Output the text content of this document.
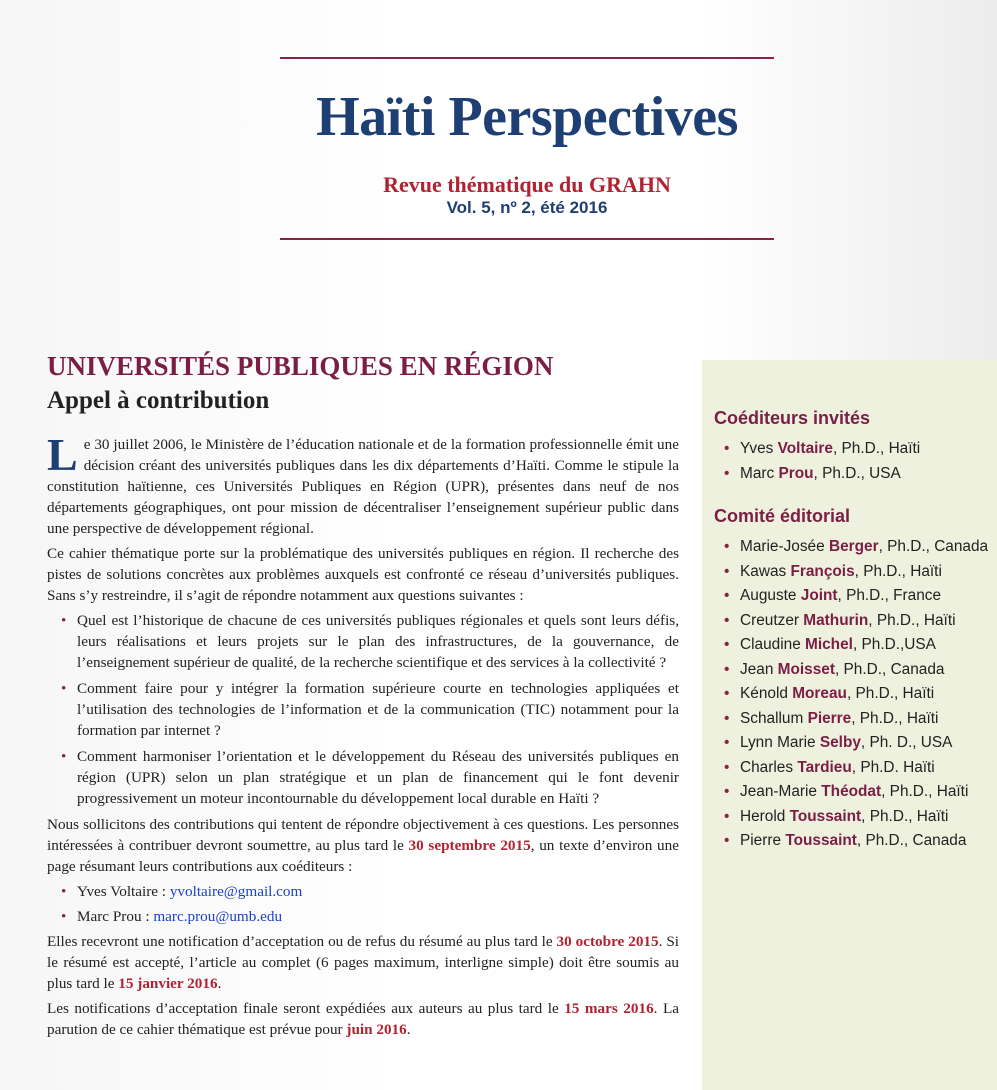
Haïti Perspectives
Revue thématique du GRAHN
Vol. 5, nº 2, été 2016
UNIVERSITÉS PUBLIQUES EN RÉGION
Appel à contribution

Le 30 juillet 2006, le Ministère de l’éducation nationale et de la formation professionnelle émit une décision créant des universités publiques dans les dix départements d’Haïti. Comme le stipule la constitution haïtienne, ces Universités Publiques en Région (UPR), présentes dans neuf de nos départements géographiques, ont pour mission de décentraliser l’enseignement supérieur public dans une perspective de développement régional.

Ce cahier thématique porte sur la problématique des universités publiques en région. Il recherche des pistes de solutions concrètes aux problèmes auxquels est confronté ce réseau d’universités publiques. Sans s’y restreindre, il s’agit de répondre notamment aux questions suivantes :

• Quel est l’historique de chacune de ces universités publiques régionales et quels sont leurs défis, leurs réalisations et leurs projets sur le plan des infrastructures, de la gouvernance, de l’enseignement supérieur de qualité, de la recherche scientifique et des services à la collectivité ?
• Comment faire pour y intégrer la formation supérieure courte en technologies appliquées et l’utilisation des technologies de l’information et de la communication (TIC) notamment pour la formation par internet ?
• Comment harmoniser l’orientation et le développement du Réseau des universités publiques en région (UPR) selon un plan stratégique et un plan de financement qui le font devenir progressivement un moteur incontournable du développement local durable en Haïti ?

Nous sollicitons des contributions qui tentent de répondre objectivement à ces questions. Les personnes intéressées à contribuer devront soumettre, au plus tard le 30 septembre 2015, un texte d’environ une page résumant leurs contributions aux coéditeurs :

• Yves Voltaire : yvoltaire@gmail.com
• Marc Prou : marc.prou@umb.edu

Elles recevront une notification d’acceptation ou de refus du résumé au plus tard le 30 octobre 2015. Si le résumé est accepté, l’article au complet (6 pages maximum, interligne simple) doit être soumis au plus tard le 15 janvier 2016.

Les notifications d’acceptation finale seront expédiées aux auteurs au plus tard le 15 mars 2016. La parution de ce cahier thématique est prévue pour juin 2016.

Coéditeurs invités
• Yves Voltaire, Ph.D., Haïti
• Marc Prou, Ph.D., USA
Comité éditorial
• Marie-Josée Berger, Ph.D., Canada
• Kawas François, Ph.D., Haïti
• Auguste Joint, Ph.D., France
• Creutzer Mathurin, Ph.D., Haïti
• Claudine Michel, Ph.D.,USA
• Jean Moisset, Ph.D., Canada
• Kénold Moreau, Ph.D., Haïti
• Schallum Pierre, Ph.D., Haïti
• Lynn Marie Selby, Ph. D., USA
• Charles Tardieu, Ph.D. Haïti
• Jean-Marie Théodat, Ph.D., Haïti
• Herold Toussaint, Ph.D., Haïti
• Pierre Toussaint, Ph.D., Canada
